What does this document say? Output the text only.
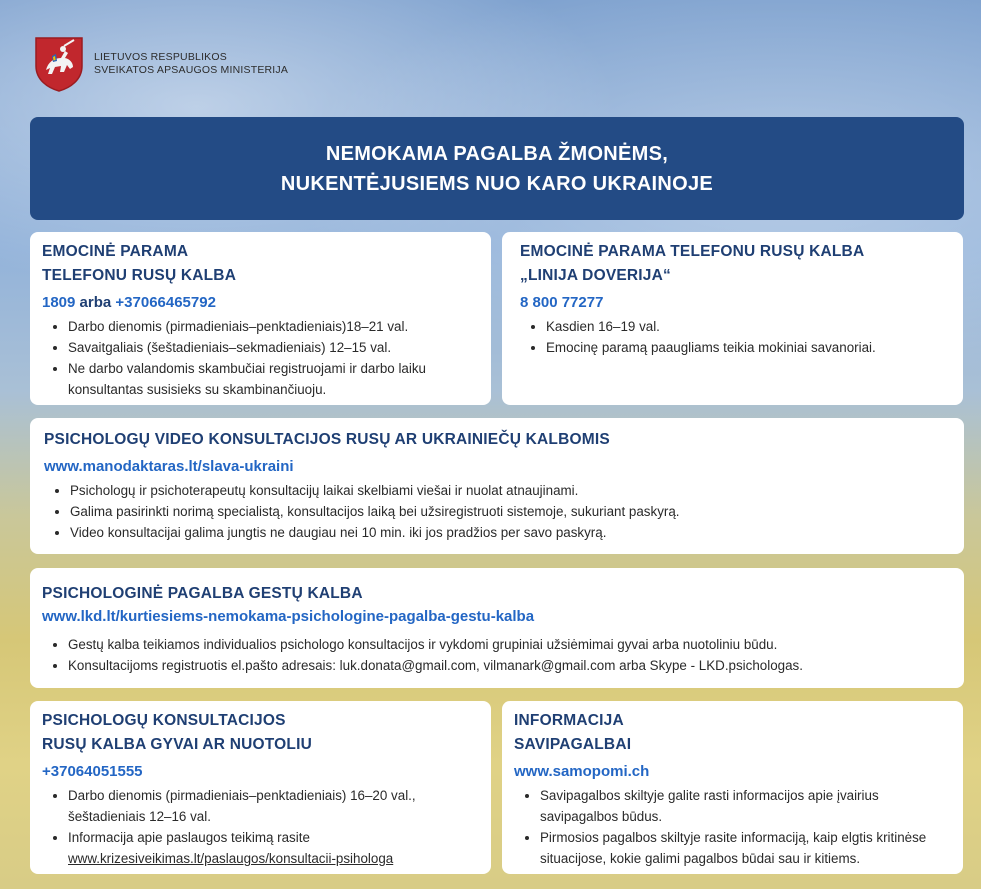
LIETUVOS RESPUBLIKOS
SVEIKATOS APSAUGOS MINISTERIJA
NEMOKAMA PAGALBA ŽMONĖMS,
NUKENTĖJUSIEMS NUO KARO UKRAINOJE
EMOCINĖ PARAMA
TELEFONU RUSŲ KALBA
1809 arba +37066465792
• Darbo dienomis (pirmadieniais–penktadieniais)18–21 val.
• Savaitgaliais (šeštadieniais–sekmadieniais) 12–15 val.
• Ne darbo valandomis skambučiai registruojami ir darbo laiku konsultantas susisieks su skambinančiuoju.
EMOCINĖ PARAMA TELEFONU RUSŲ KALBA
„LINIJA DOVERIJA“
8 800 77277
• Kasdien 16–19 val.
• Emocinę paramą paaugliams teikia mokiniai savanoriai.
PSICHOLOGŲ VIDEO KONSULTACIJOS RUSŲ AR UKRAINIEČŲ KALBOMIS
www.manodaktaras.lt/slava-ukraini
• Psichologų ir psichoterapeutų konsultacijų laikai skelbiami viešai ir nuolat atnaujinami.
• Galima pasirinkti norimą specialistą, konsultacijos laiką bei užsiregistruoti sistemoje, sukuriant paskyrą.
• Video konsultacijai galima jungtis ne daugiau nei 10 min. iki jos pradžios per savo paskyrą.
PSICHOLOGINĖ PAGALBA GESTŲ KALBA
www.lkd.lt/kurtiesiems-nemokama-psichologine-pagalba-gestu-kalba
• Gestų kalba teikiamos individualios psichologo konsultacijos ir vykdomi grupiniai užsiėmimai gyvai arba nuotoliniu būdu.
• Konsultacijoms registruotis el.pašto adresais: luk.donata@gmail.com, vilmanark@gmail.com arba Skype - LKD.psichologas.
PSICHOLOGŲ KONSULTACIJOS
RUSŲ KALBA GYVAI AR NUOTOLIU
+37064051555
• Darbo dienomis (pirmadieniais–penktadieniais) 16–20 val., šeštadieniais 12–16 val.
• Informacija apie paslaugos teikimą rasite www.krizesiveikimas.lt/paslaugos/konsultacii-psihologa
INFORMACIJA
SAVIPAGALBAI
www.samopomi.ch
• Savipagalbos skiltyje galite rasti informacijos apie įvairius savipagalbos būdus.
• Pirmosios pagalbos skiltyje rasite informaciją, kaip elgtis kritinėse situacijose, kokie galimi pagalbos būdai sau ir kitiems.
